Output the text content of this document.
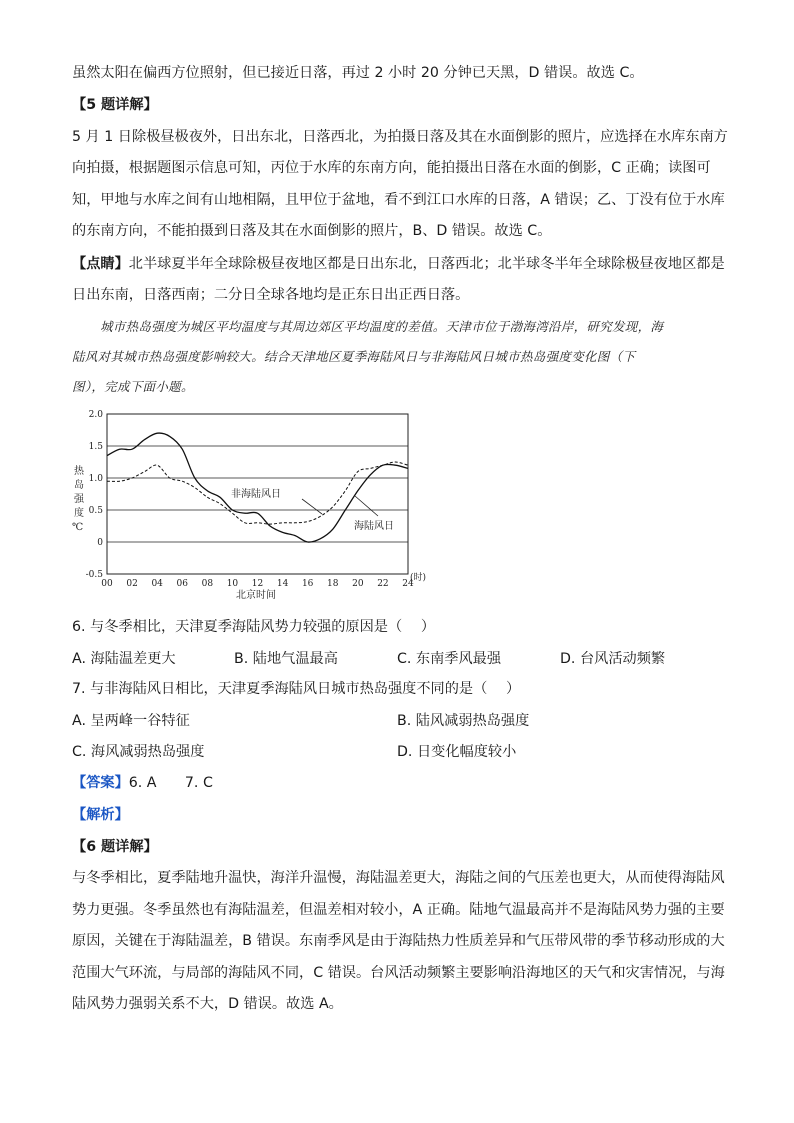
虽然太阳在偏西方位照射，但已接近日落，再过 2 小时 20 分钟已天黑，D 错误。故选 C。
【5 题详解】
5 月 1 日除极昼极夜外，日出东北，日落西北，为拍摄日落及其在水面倒影的照片，应选择在水库东南方
向拍摄，根据题图示信息可知，丙位于水库的东南方向，能拍摄出日落在水面的倒影，C 正确；读图可
知，甲地与水库之间有山地相隔，且甲位于盆地，看不到江口水库的日落，A 错误；乙、丁没有位于水库
的东南方向，不能拍摄到日落及其在水面倒影的照片，B、D 错误。故选 C。
【点睛】北半球夏半年全球除极昼夜地区都是日出东北，日落西北；北半球冬半年全球除极昼夜地区都是
日出东南，日落西南；二分日全球各地均是正东日出正西日落。
城市热岛强度为城区平均温度与其周边郊区平均温度的差值。天津市位于渤海湾沿岸，研究发现，海
陆风对其城市热岛强度影响较大。结合天津地区夏季海陆风日与非海陆风日城市热岛强度变化图（下
图），完成下面小题。
2.0
1.5
1.0
0.5
0
-0.5
00 02 04 06 08 10 12 14 16 18 20 22 24
热
岛
强
度
℃
北京时间
(时)
非海陆风日
海陆风日
6. 与冬季相比，天津夏季海陆风势力较强的原因是（　 ）
A. 海陆温差更大	B. 陆地气温最高	C. 东南季风最强	D. 台风活动频繁
7. 与非海陆风日相比，天津夏季海陆风日城市热岛强度不同的是（　 ）
A. 呈两峰一谷特征	B. 陆风减弱热岛强度
C. 海风减弱热岛强度	D. 日变化幅度较小
【答案】6. A　　7. C
【解析】
【6 题详解】
与冬季相比，夏季陆地升温快，海洋升温慢，海陆温差更大，海陆之间的气压差也更大，从而使得海陆风
势力更强。冬季虽然也有海陆温差，但温差相对较小，A 正确。陆地气温最高并不是海陆风势力强的主要
原因，关键在于海陆温差，B 错误。东南季风是由于海陆热力性质差异和气压带风带的季节移动形成的大
范围大气环流，与局部的海陆风不同，C 错误。台风活动频繁主要影响沿海地区的天气和灾害情况，与海
陆风势力强弱关系不大，D 错误。故选 A。
